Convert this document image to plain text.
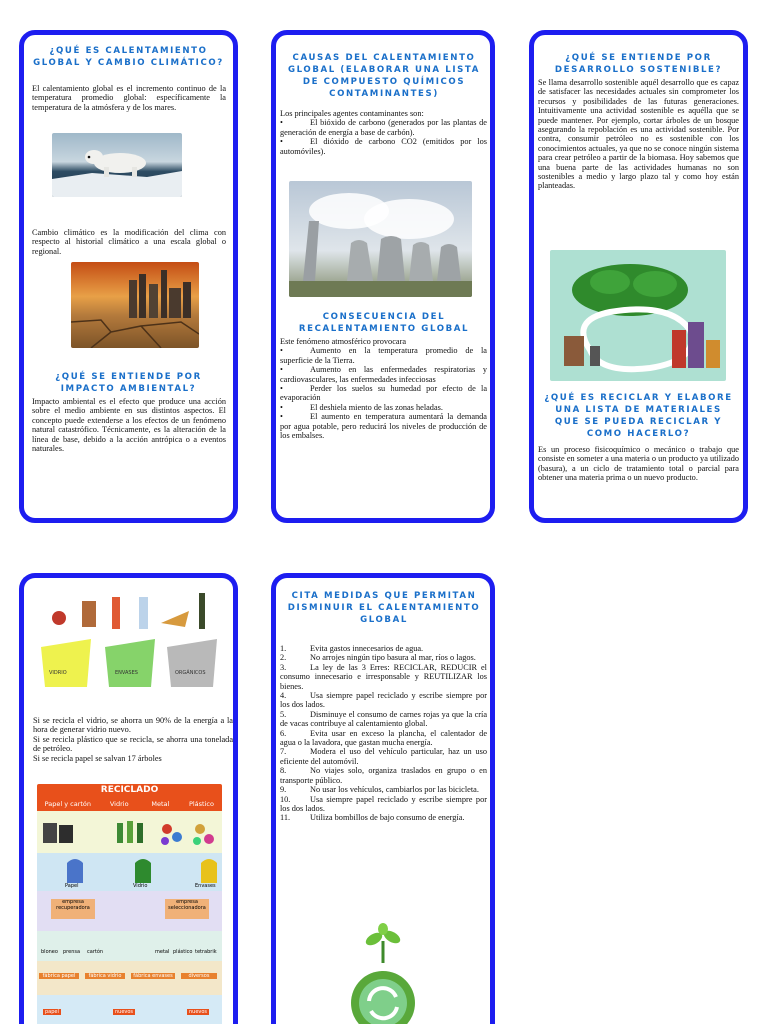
¿QUÉ ES CALENTAMIENTO GLOBAL Y CAMBIO CLIMÁTICO?

El calentamiento global es el incremento continuo de la temperatura promedio global: específicamente la temperatura de la atmósfera y de los mares.

Cambio climático es la modificación del clima con respecto al historial climático a una escala global o regional.

¿QUÉ SE ENTIENDE POR IMPACTO AMBIENTAL?

Impacto ambiental es el efecto que produce una acción sobre el medio ambiente en sus distintos aspectos. El concepto puede extenderse a los efectos de un fenómeno natural catastrófico. Técnicamente, es la alteración de la línea de base, debido a la acción antrópica o a eventos naturales.

CAUSAS DEL CALENTAMIENTO GLOBAL (ELABORAR UNA LISTA DE COMPUESTO QUÍMICOS CONTAMINANTES)

Los principales agentes contaminantes son:

•	El bióxido de carbono (generados por las plantas de generación de energía a base de carbón).

•	El dióxido de carbono CO2 (emitidos por los automóviles).

CONSECUENCIA DEL RECALENTAMIENTO GLOBAL

Este fenómeno atmosférico provocara

•	Aumento en la temperatura promedio de la superficie de la Tierra.

•	Aumento en las enfermedades respiratorias y cardiovasculares, las enfermedades infecciosas

•	Perder los suelos su humedad por efecto de la evaporación

•	El deshiela miento de las zonas heladas.

•	El aumento en temperatura aumentará la demanda por agua potable, pero reducirá los niveles de producción de los embalses.

¿QUÉ SE ENTIENDE POR DESARROLLO SOSTENIBLE?

Se llama desarrollo sostenible aquél desarrollo que es capaz de satisfacer las necesidades actuales sin comprometer los recursos y posibilidades de las futuras generaciones. Intuitivamente una actividad sostenible es aquélla que se puede mantener. Por ejemplo, cortar árboles de un bosque asegurando la repoblación es una actividad sostenible. Por contra, consumir petróleo no es sostenible con los conocimientos actuales, ya que no se conoce ningún sistema para crear petróleo a partir de la biomasa. Hoy sabemos que una buena parte de las actividades humanas no son sostenibles a medio y largo plazo tal y como hoy están planteadas.

¿QUÉ ES RECICLAR Y ELABORE UNA LISTA DE MATERIALES QUE SE PUEDA RECICLAR Y COMO HACERLO?

Es un proceso fisicoquímico o mecánico o trabajo que consiste en someter a una materia o un producto ya utilizado (basura), a un ciclo de tratamiento total o parcial para obtener una materia prima o un nuevo producto.

VIDRIO	ENVASES	ORGÁNICOS

Si se recicla el vidrio, se ahorra un 90% de la energía a la hora de generar vidrio nuevo.

Si se recicla plástico que se recicla, se ahorra una tonelada de petróleo.

Si se recicla papel se salvan 17 árboles

RECICLADO
Papel y cartón	Vidrio	Metal	Plástico
Papel	Vidrio	Envases
empresa recuperadora
empresa seleccionadora
bloneo prensa cartón	metal plástico tetrabrik
fábrica papel	fábrica vidrio	fábrica envases	diversos
papel	nuevos	nuevos

CITA MEDIDAS QUE PERMITAN DISMINUIR EL CALENTAMIENTO GLOBAL

1.	Evita gastos innecesarios de agua.

2.	No arrojes ningún tipo basura al mar, ríos o lagos.

3.	La ley de las 3 Erres: RECICLAR, REDUCIR el consumo innecesario e irresponsable y REUTILIZAR los bienes.

4.	Usa siempre papel reciclado y escribe siempre por los dos lados.

5.	Disminuye el consumo de carnes rojas ya que la cría de vacas contribuye al calentamiento global.

6.	Evita usar en exceso la plancha, el calentador de agua o la lavadora, que gastan mucha energía.

7.	Modera el uso del vehículo particular, haz un uso eficiente del automóvil.

8.	No viajes solo, organiza traslados en grupo o en transporte público.

9.	No usar los vehículos, cambiarlos por las bicicleta.

10. Usa siempre papel reciclado y escribe siempre por los dos lados.

11. Utiliza bombillos de bajo consumo de energía.
